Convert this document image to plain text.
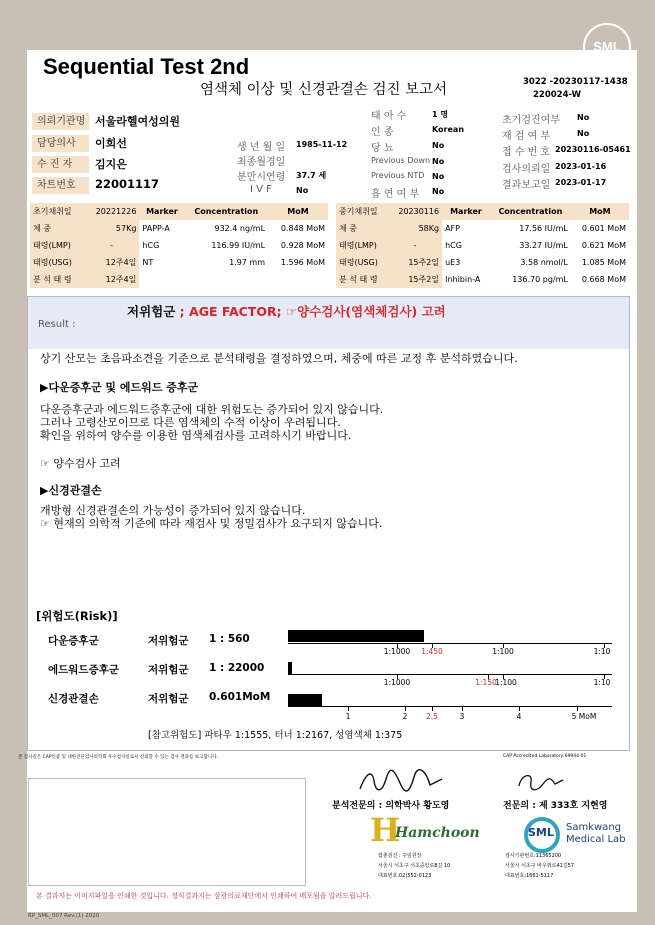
Sequential Test 2nd
SML
염색체 이상 및 신경관결손 검진 보고서	3022 -20230117-1438
220024-W
의뢰기관명 서울라헬여성의원
담당의사	이희선
수 진 자	김지은
차트번호	22001117
생 년 월 일 1985-11-12
최종월경일
분만시연령 37.7 세
I V F	No
태 아 수	1 명
인 종	Korean
당 뇨	No
Previous Down No
Previous NTD No
흡 연 여 부 No
초기검진여부 No
재 검 여 부	No
접 수 번 호 20230116-05461
검사의뢰일 2023-01-16
결과보고일 2023-01-17
초기채취일	20221226	Marker	Concentration	MoM
체 중	57Kg	PAPP-A	932.4 ng/mL	0.848 MoM
태령(LMP)	-	hCG	116.99 IU/mL	0.928 MoM
태령(USG)	12주4일	NT	1.97 mm	1.596 MoM
분 석 태 령	12주4일			
중기채취일	20230116	Marker	Concentration	MoM
체 중	58Kg	AFP	17.56 IU/mL	0.601 MoM
태령(LMP)	-	hCG	33.27 IU/mL	0.621 MoM
태령(USG)	15주2일	uE3	3.58 nmol/L	1.085 MoM
분 석 태 령	15주2일	Inhibin-A	136.70 pg/mL	0.668 MoM
Result :
저위험군 ; AGE FACTOR; ☞양수검사(염색체검사) 고려
상기 산모는 초음파소견을 기준으로 분석태령을 결정하였으며, 체중에 따른 교정 후 분석하였습니다.
▶다운증후군 및 에드워드 증후군
다운증후군과 에드워드증후군에 대한 위험도는 증가되어 있지 않습니다.
그러나 고령산모이므로 다른 염색체의 수적 이상이 우려됩니다.
확인을 위하여 양수를 이용한 염색체검사를 고려하시기 바랍니다.
☞ 양수검사 고려
▶신경관결손
개방형 신경관결손의 가능성이 증가되어 있지 않습니다.
☞ 현재의 의학적 기준에 따라 재검사 및 정밀검사가 요구되지 않습니다.
[위험도(Risk)]
다운증후군	저위험군 1 : 560
1:1000 1:450	1:100	1:10
에드워드증후군	저위험군 1 : 22000
1:1000	1:150
1:100	1:10
신경관결손	저위험군 0.601MoM
1	2 2.5	3	4	5 MoM
[참고위험도] 파타우 1:1555, 터너 1:2167, 성염색체 1:375
본 검사실은 CAP인증 및 대한진단검사의학회 우수검사실로서 신뢰할 수 있는 검사 결과를 보고합니다.	CAP Accredited Laboratory 69944-01
분석전문의 : 의학박사 황도영	전문의 : 제 333호 지현영
H
Hamchoon	SML Samkwang
Medical Lab
함춘검진 : 주임원장
서울시 서초구 서초중앙로8길 10
대표번호:02)552-0123
검사기관번호:11365200
서울시 서초구 바우뫼로41길57
대표번호:1661-5117
본 결과지는 이미지파일을 인쇄한 것입니다. 정식결과지는 삼광의료재단에서 인쇄하여 배포됨을 알려드립니다.
RP_SML_007 Rev.(1) 2020
